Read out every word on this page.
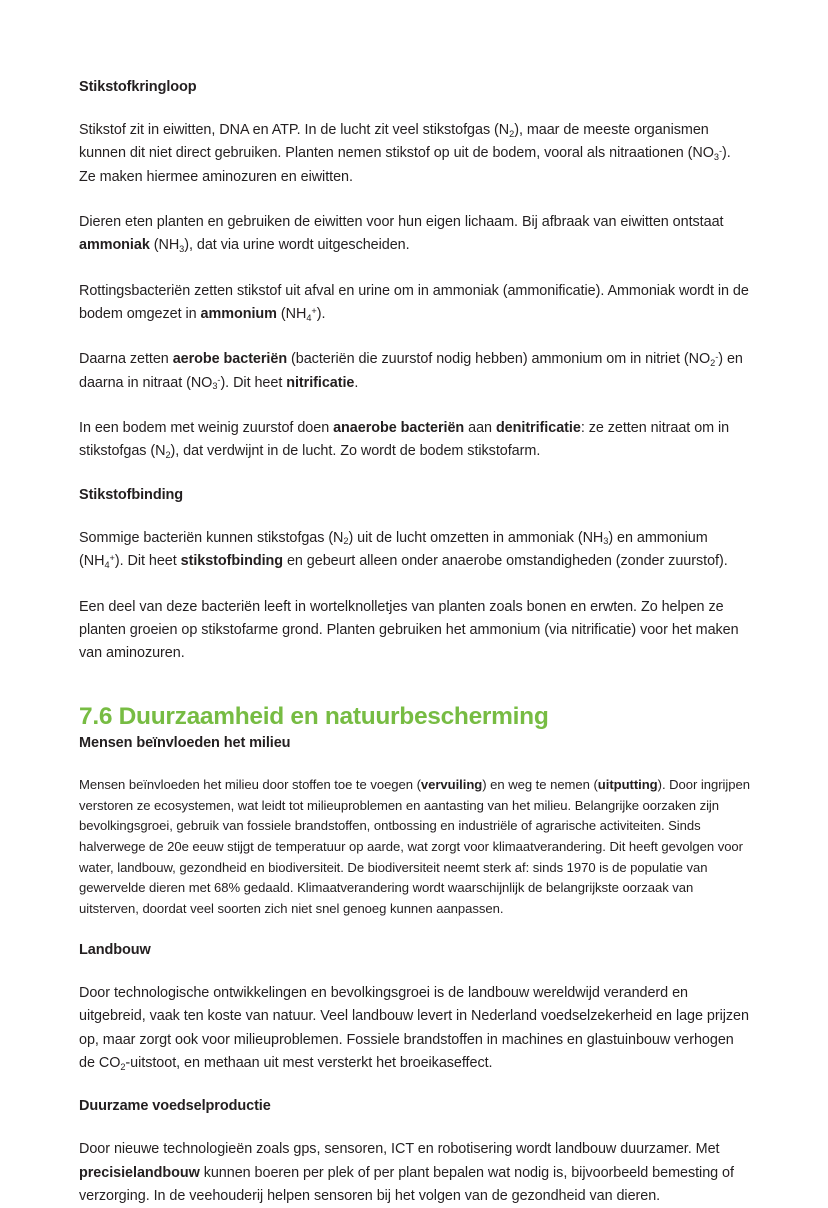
Stikstofkringloop

Stikstof zit in eiwitten, DNA en ATP. In de lucht zit veel stikstofgas $(N_2)$, maar de meeste organismen kunnen dit niet direct gebruiken. Planten nemen stikstof op uit de bodem, vooral als nitraationen $(NO_3^-)$. Ze maken hiermee aminozuren en eiwitten.

Dieren eten planten en gebruiken de eiwitten voor hun eigen lichaam. Bij afbraak van eiwitten ontstaat ammoniak $(NH_3)$, dat via urine wordt uitgescheiden.

Rottingsbacteriën zetten stikstof uit afval en urine om in ammoniak (ammonificatie). Ammoniak wordt in de bodem omgezet in ammonium $(NH_4^+)$.

Daarna zetten aerobe bacteriën (bacteriën die zuurstof nodig hebben) ammonium om in nitriet $(NO_2^-)$ en daarna in nitraat $(NO_3^-)$. Dit heet nitrificatie.

In een bodem met weinig zuurstof doen anaerobe bacteriën aan denitrificatie: ze zetten nitraat om in stikstofgas $(N_2)$, dat verdwijnt in de lucht. Zo wordt de bodem stikstofarm.

Stikstofbinding

Sommige bacteriën kunnen stikstofgas $(N_2)$ uit de lucht omzetten in ammoniak $(NH_3)$ en ammonium $(NH_4^+)$. Dit heet stikstofbinding en gebeurt alleen onder anaerobe omstandigheden (zonder zuurstof).

Een deel van deze bacteriën leeft in wortelknolletjes van planten zoals bonen en erwten. Zo helpen ze planten groeien op stikstofarme grond. Planten gebruiken het ammonium (via nitrificatie) voor het maken van aminozuren.

7.6 Duurzaamheid en natuurbescherming
Mensen beïnvloeden het milieu

Mensen beïnvloeden het milieu door stoffen toe te voegen (vervuiling) en weg te nemen (uitputting). Door ingrijpen verstoren ze ecosystemen, wat leidt tot milieuproblemen en aantasting van het milieu. Belangrijke oorzaken zijn bevolkingsgroei, gebruik van fossiele brandstoffen, ontbossing en industriële of agrarische activiteiten. Sinds halverwege de 20e eeuw stijgt de temperatuur op aarde, wat zorgt voor klimaatverandering. Dit heeft gevolgen voor water, landbouw, gezondheid en biodiversiteit. De biodiversiteit neemt sterk af: sinds 1970 is de populatie van gewervelde dieren met 68% gedaald. Klimaatverandering wordt waarschijnlijk de belangrijkste oorzaak van uitsterven, doordat veel soorten zich niet snel genoeg kunnen aanpassen.

Landbouw

Door technologische ontwikkelingen en bevolkingsgroei is de landbouw wereldwijd veranderd en uitgebreid, vaak ten koste van natuur. Veel landbouw levert in Nederland voedselzekerheid en lage prijzen op, maar zorgt ook voor milieuproblemen. Fossiele brandstoffen in machines en glastuinbouw verhogen de $CO_2$-uitstoot, en methaan uit mest versterkt het broeikaseffect.

Duurzame voedselproductie

Door nieuwe technologieën zoals gps, sensoren, ICT en robotisering wordt landbouw duurzamer. Met precisielandbouw kunnen boeren per plek of per plant bepalen wat nodig is, bijvoorbeeld bemesting of verzorging. In de veehouderij helpen sensoren bij het volgen van de gezondheid van dieren.
